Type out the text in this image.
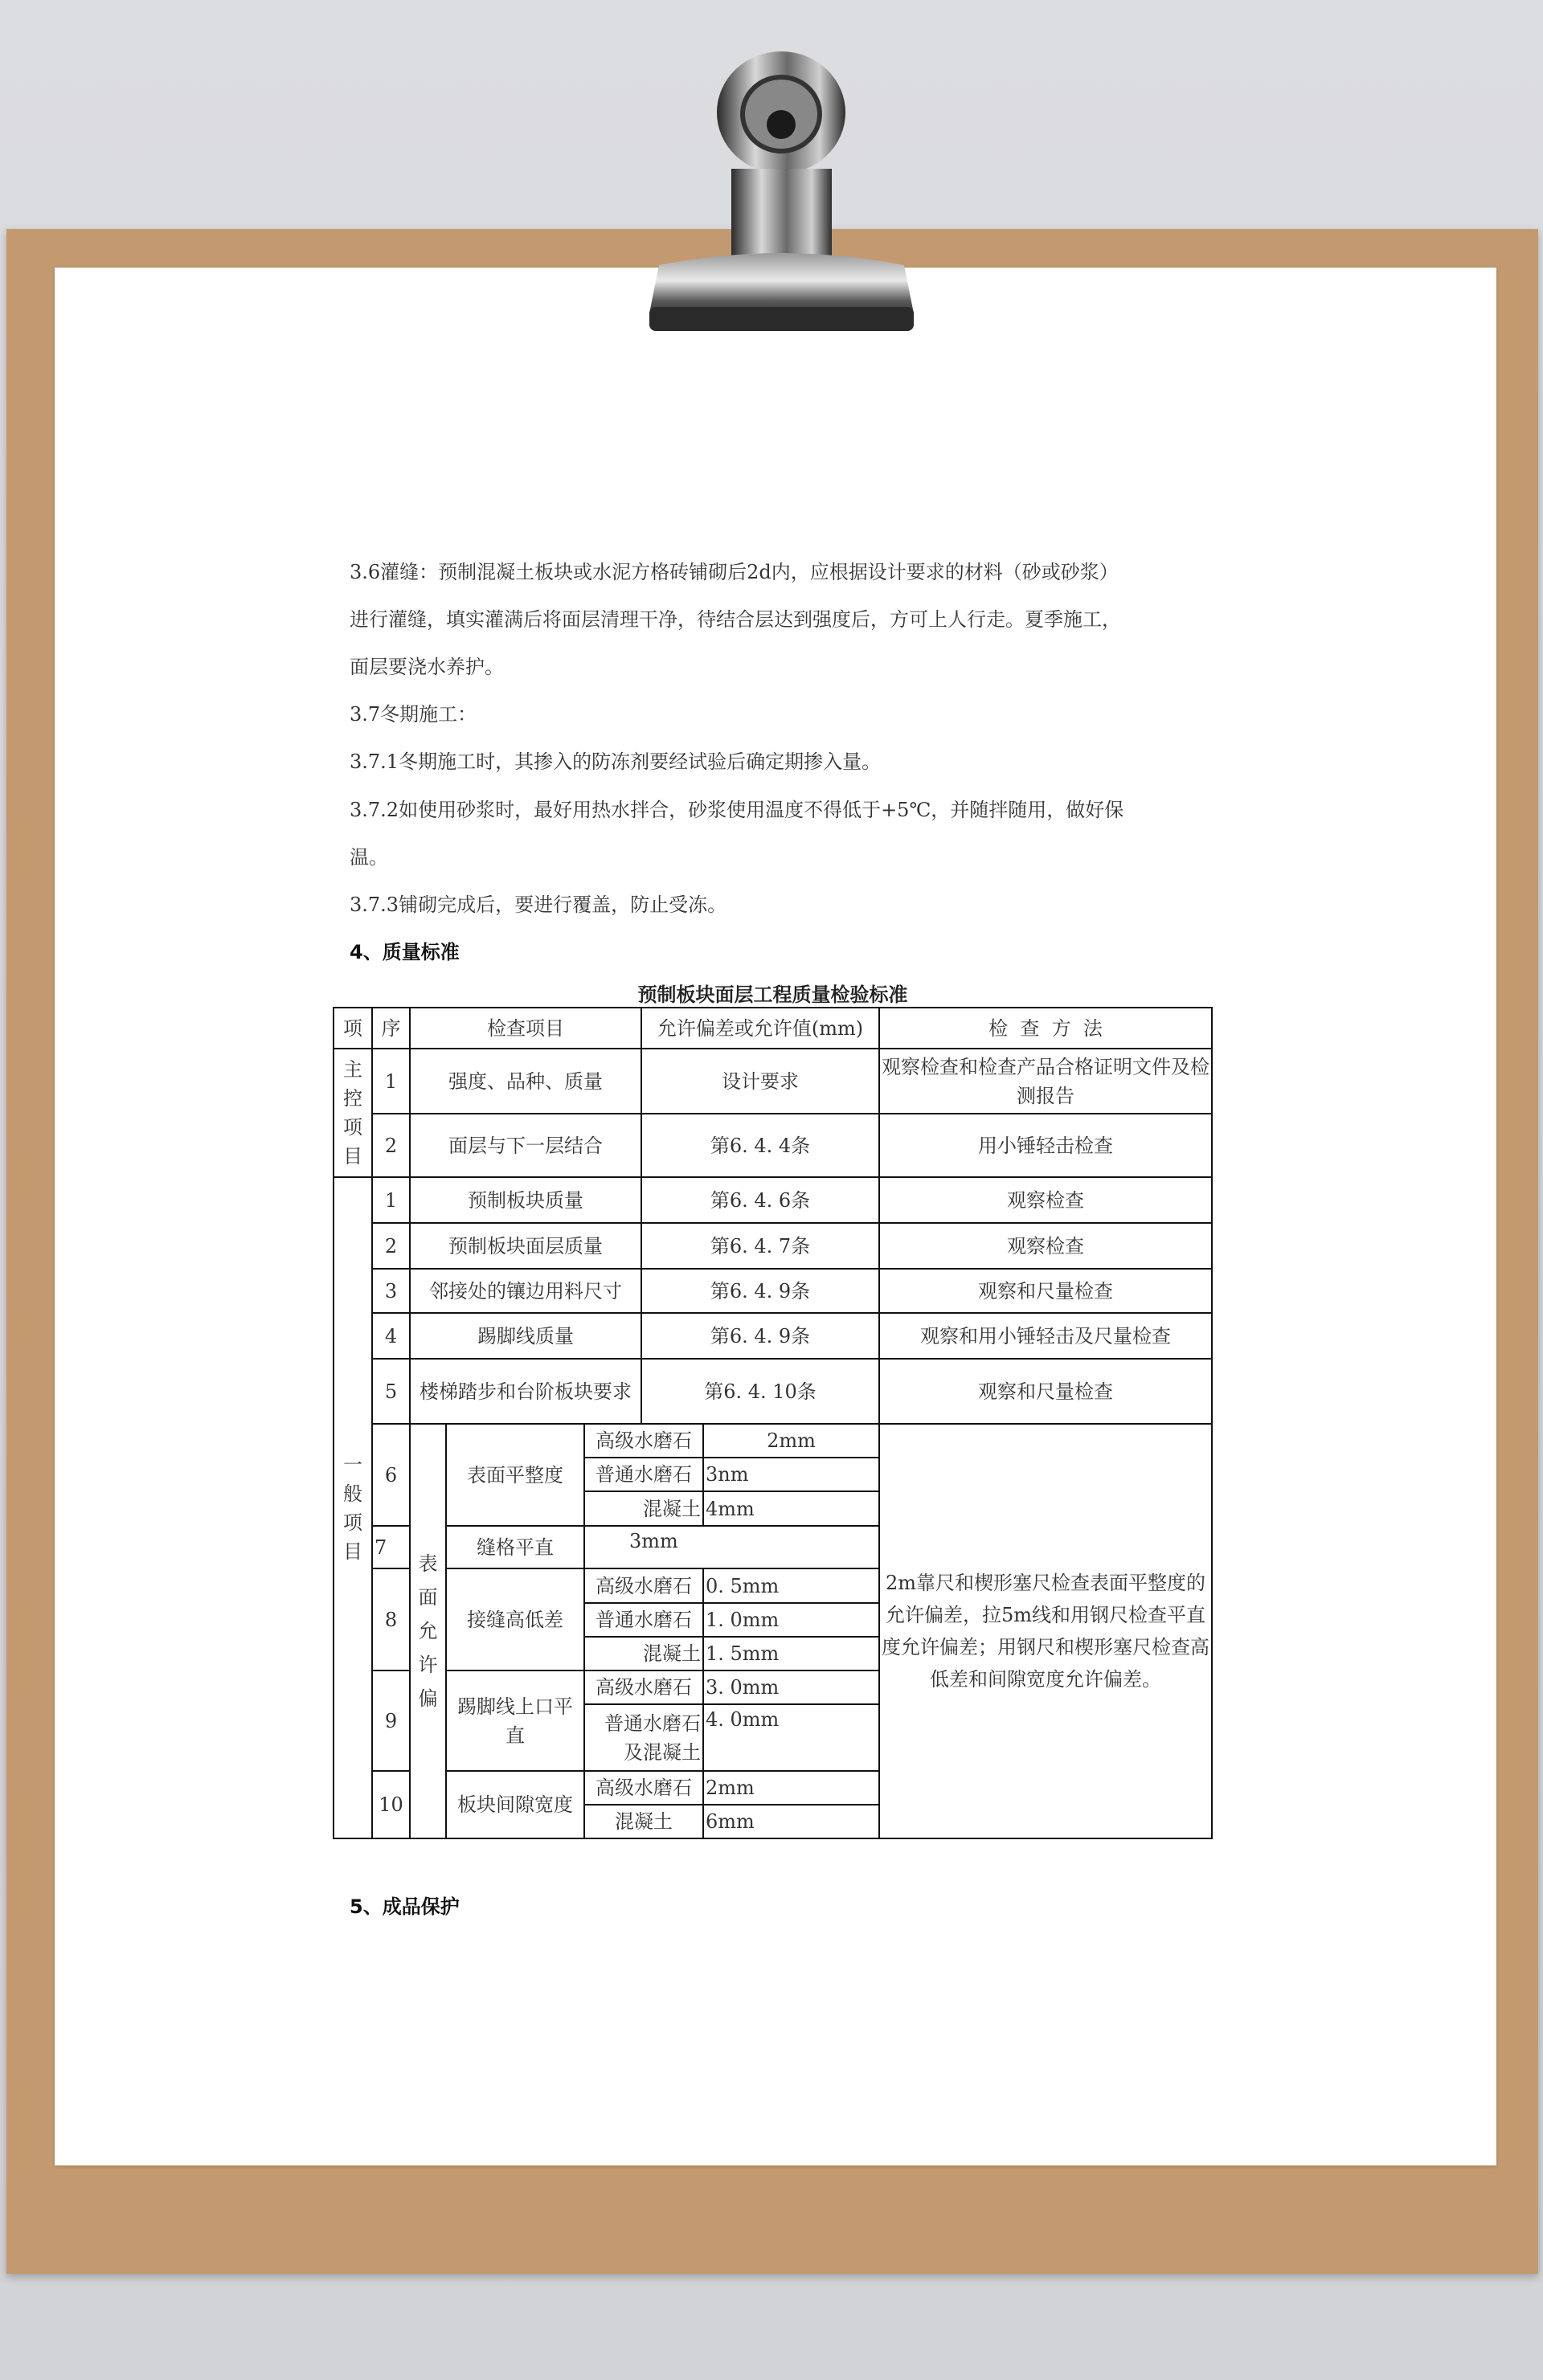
3.6灌缝：预制混凝土板块或水泥方格砖铺砌后2d内，应根据设计要求的材料（砂或砂浆）
进行灌缝，填实灌满后将面层清理干净，待结合层达到强度后，方可上人行走。夏季施工，
面层要浇水养护。
3.7冬期施工：
3.7.1冬期施工时，其掺入的防冻剂要经试验后确定期掺入量。
3.7.2如使用砂浆时，最好用热水拌合，砂浆使用温度不得低于+5℃，并随拌随用，做好保
温。
3.7.3铺砌完成后，要进行覆盖，防止受冻。
4、质量标准
预制板块面层工程质量检验标准
项	序	检查项目			允许偏差或允许值(mm)		检  查  方  法
主控项目	1	强度、品种、质量			设计要求		观察检查和检查产品合格证明文件及检测报告
	2	面层与下一层结合			第6. 4. 4条		用小锤轻击检查
一般项目	1	预制板块质量			第6. 4. 6条		观察检查
	2	预制板块面层质量			第6. 4. 7条		观察检查
	3	邻接处的镶边用料尺寸			第6. 4. 9条		观察和尺量检查
	4	踢脚线质量			第6. 4. 9条		观察和用小锤轻击及尺量检查
	5	楼梯踏步和台阶板块要求			第6. 4. 10条		观察和尺量检查
	6	表面允许偏	表面平整度	高级水磨石		2mm	2m靠尺和楔形塞尺检查表面平整度的允许偏差，拉5m线和用钢尺检查平直度允许偏差；用钢尺和楔形塞尺检查高低差和间隙宽度允许偏差。
				普通水磨石		3nm	
				混凝土		4mm	
	7		缝格平直	3mm			
	8		接缝高低差	高级水磨石		0. 5mm	
				普通水磨石		1. 0mm	
				混凝土		1. 5mm	
	9		踢脚线上口平直	高级水磨石		3. 0mm	
				普通水磨石及混凝土		4. 0mm	
	10		板块间隙宽度	高级水磨石		2mm	
				混凝土		6mm	
5、成品保护
